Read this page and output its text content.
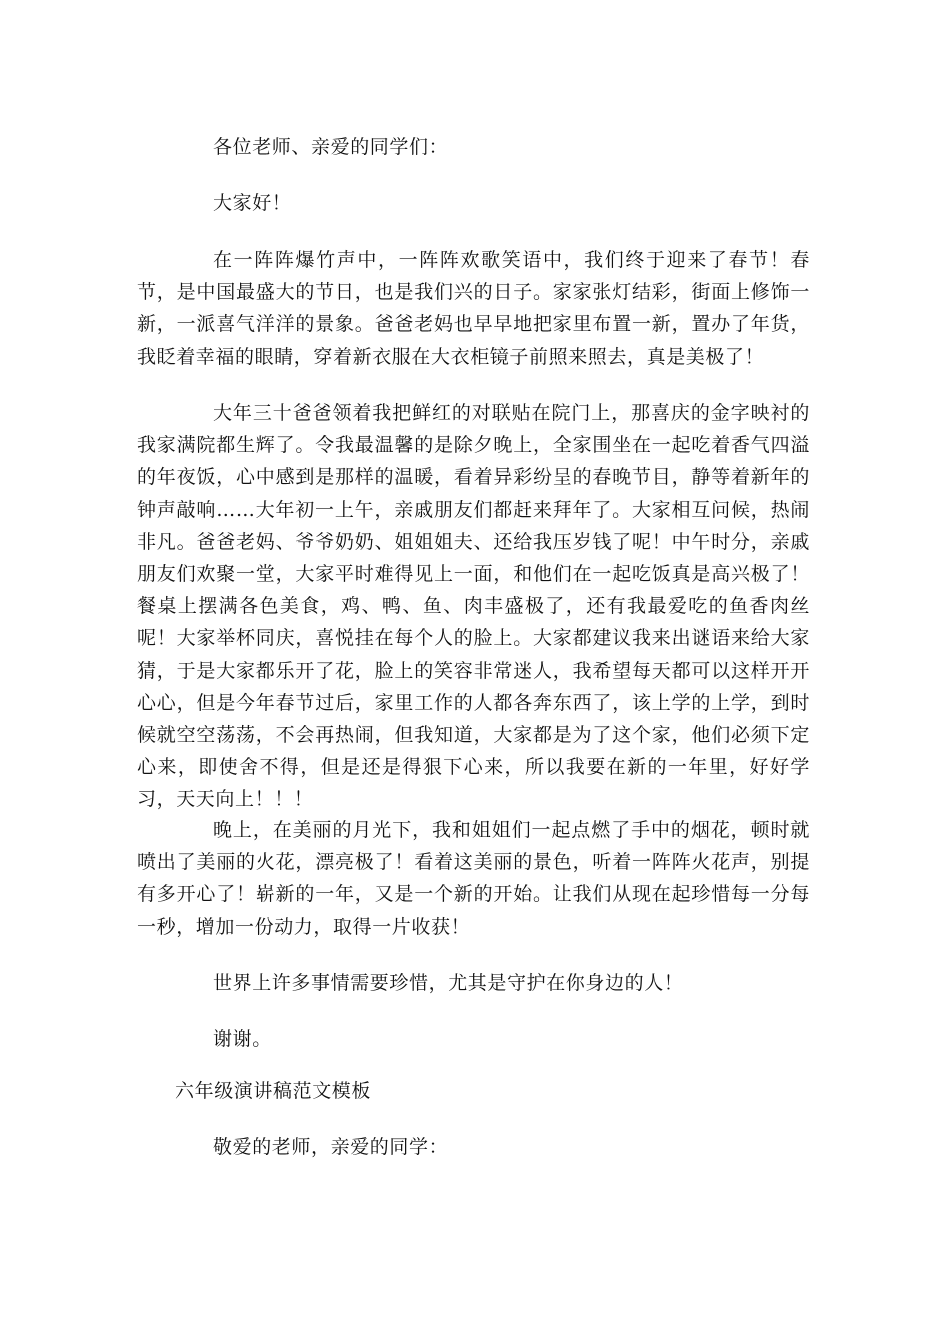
各位老师、亲爱的同学们：

大家好！

在一阵阵爆竹声中，一阵阵欢歌笑语中，我们终于迎来了春节！春节，是中国最盛大的节日，也是我们兴的日子。家家张灯结彩，街面上修饰一新，一派喜气洋洋的景象。爸爸老妈也早早地把家里布置一新，置办了年货，我眨着幸福的眼睛，穿着新衣服在大衣柜镜子前照来照去，真是美极了！

大年三十爸爸领着我把鲜红的对联贴在院门上，那喜庆的金字映衬的我家满院都生辉了。令我最温馨的是除夕晚上，全家围坐在一起吃着香气四溢的年夜饭，心中感到是那样的温暖，看着异彩纷呈的春晚节目，静等着新年的钟声敲响……大年初一上午，亲戚朋友们都赶来拜年了。大家相互问候，热闹非凡。爸爸老妈、爷爷奶奶、姐姐姐夫、还给我压岁钱了呢！中午时分，亲戚朋友们欢聚一堂，大家平时难得见上一面，和他们在一起吃饭真是高兴极了！餐桌上摆满各色美食，鸡、鸭、鱼、肉丰盛极了，还有我最爱吃的鱼香肉丝呢！大家举杯同庆，喜悦挂在每个人的脸上。大家都建议我来出谜语来给大家猜，于是大家都乐开了花，脸上的笑容非常迷人，我希望每天都可以这样开开心心，但是今年春节过后，家里工作的人都各奔东西了，该上学的上学，到时候就空空荡荡，不会再热闹，但我知道，大家都是为了这个家，他们必须下定心来，即使舍不得，但是还是得狠下心来，所以我要在新的一年里，好好学习，天天向上！！！

晚上，在美丽的月光下，我和姐姐们一起点燃了手中的烟花，顿时就喷出了美丽的火花，漂亮极了！看着这美丽的景色，听着一阵阵火花声，别提有多开心了！崭新的一年，又是一个新的开始。让我们从现在起珍惜每一分每一秒，增加一份动力，取得一片收获！

世界上许多事情需要珍惜，尤其是守护在你身边的人！

谢谢。

六年级演讲稿范文模板

敬爱的老师，亲爱的同学：
